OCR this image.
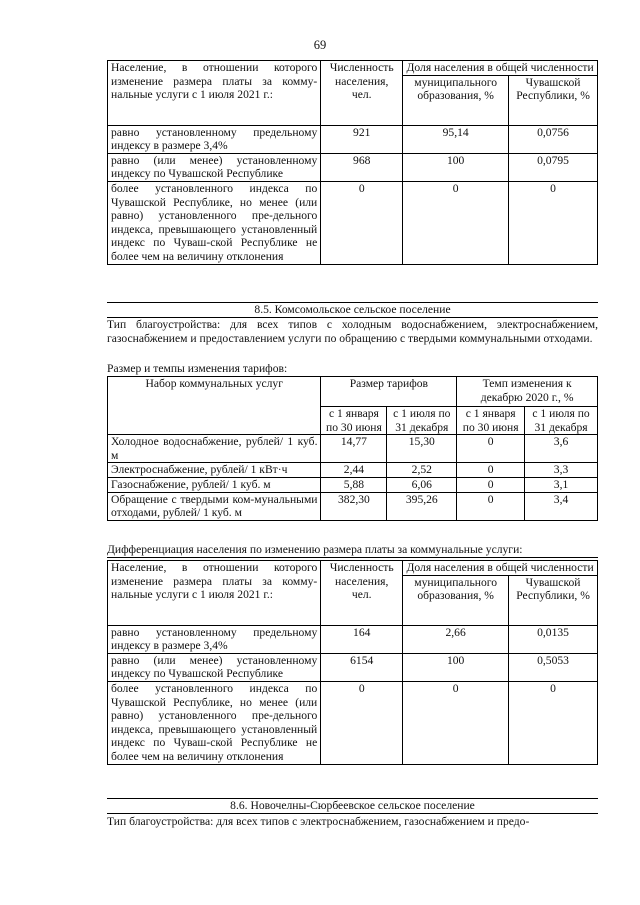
69
Население, в отношении которого изменение размера платы за комму-нальные услуги с 1 июля 2021 г.:	Численность населения, чел.	Доля населения в общей численности	
		муниципального образования, %	Чувашской Республики, %
равно установленному предельному индексу в размере 3,4%	921	95,14	0,0756
равно (или менее) установленному индексу по Чувашской Республике	968	100	0,0795
более установленного индекса по Чувашской Республике, но менее (или равно) установленного пре-дельного индекса, превышающего установленный индекс по Чуваш-ской Республике не более чем на величину отклонения	0	0	0
8.5. Комсомольское сельское поселение
Тип благоустройства: для всех типов с холодным водоснабжением, электроснабжением, газоснабжением и предоставлением услуги по обращению с твердыми коммунальными отходами.
Размер и темпы изменения тарифов:
Набор коммунальных услуг	Размер тарифов		Темп изменения к декабрю 2020 г., %	
	с 1 января по 30 июня	с 1 июля по 31 декабря	с 1 января по 30 июня	с 1 июля по 31 декабря
Холодное водоснабжение, рублей/ 1 куб. м	14,77	15,30	0	3,6
Электроснабжение, рублей/ 1 кВт·ч	2,44	2,52	0	3,3
Газоснабжение, рублей/ 1 куб. м	5,88	6,06	0	3,1
Обращение с твердыми ком-мунальными отходами, рублей/ 1 куб. м	382,30	395,26	0	3,4
Дифференциация населения по изменению размера платы за коммунальные услуги:
Население, в отношении которого изменение размера платы за комму-нальные услуги с 1 июля 2021 г.:	Численность населения, чел.	Доля населения в общей численности	
		муниципального образования, %	Чувашской Республики, %
равно установленному предельному индексу в размере 3,4%	164	2,66	0,0135
равно (или менее) установленному индексу по Чувашской Республике	6154	100	0,5053
более установленного индекса по Чувашской Республике, но менее (или равно) установленного пре-дельного индекса, превышающего установленный индекс по Чуваш-ской Республике не более чем на величину отклонения	0	0	0
8.6. Новочелны-Сюрбеевское сельское поселение
Тип благоустройства: для всех типов с электроснабжением, газоснабжением и предо-
